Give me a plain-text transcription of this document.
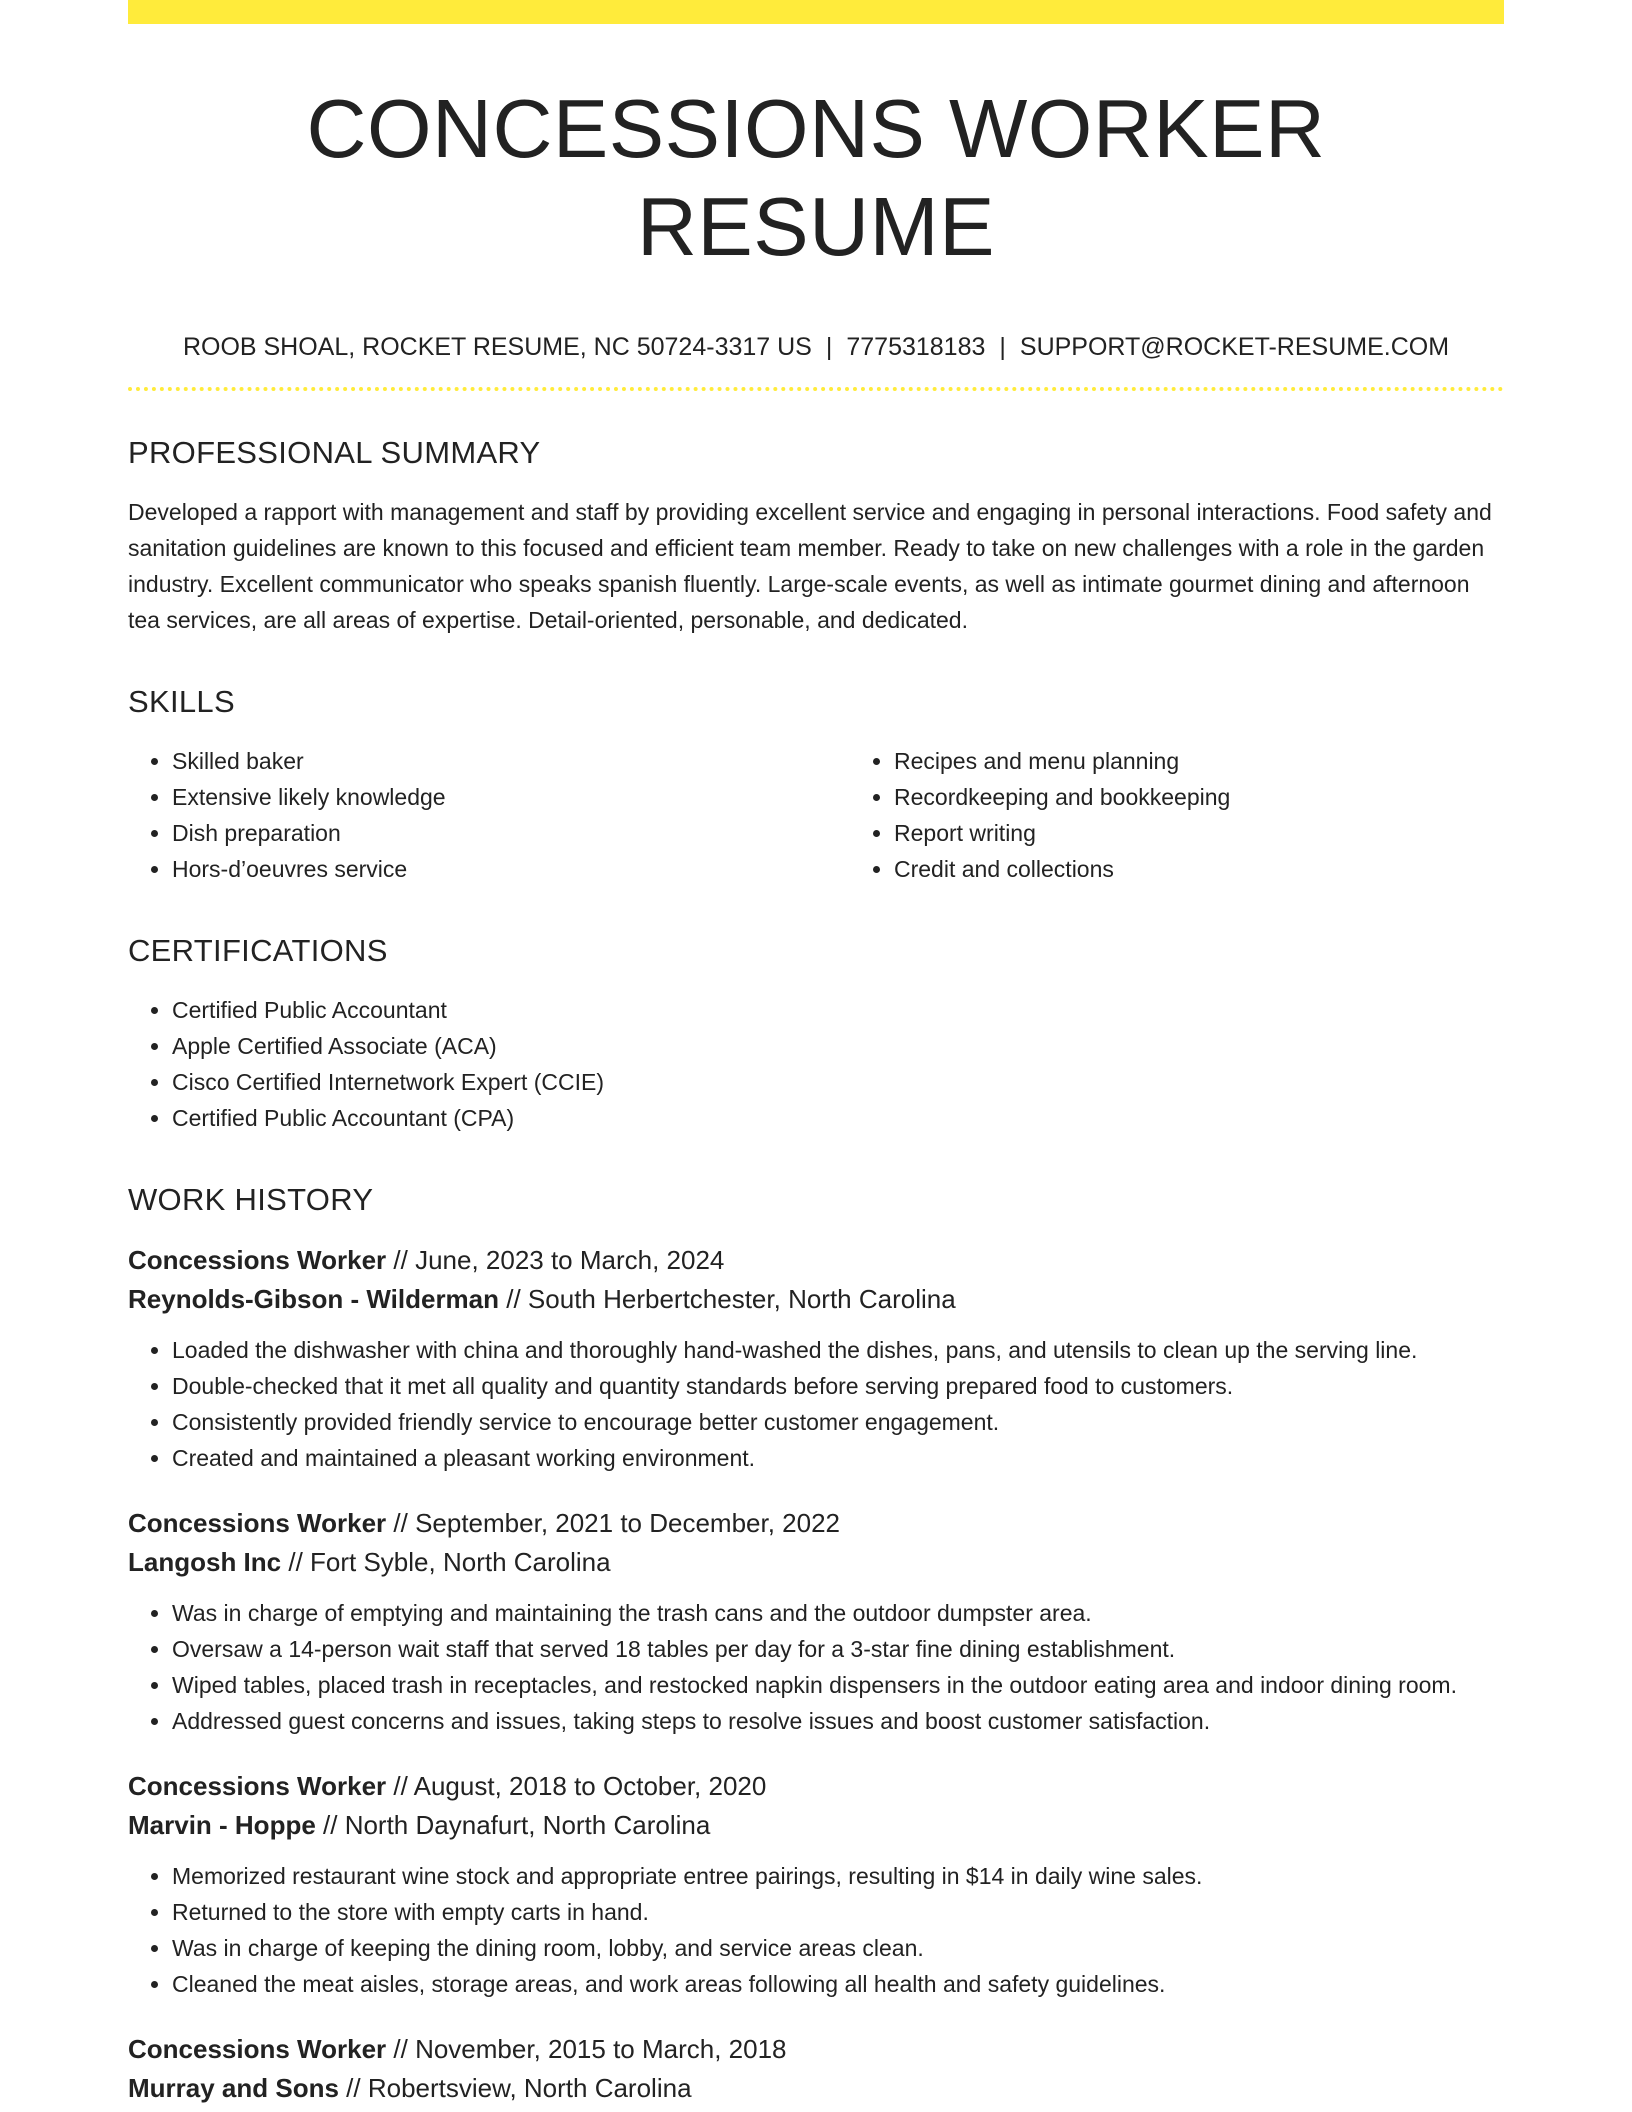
CONCESSIONS WORKER RESUME
ROOB SHOAL, ROCKET RESUME, NC 50724-3317 US | 7775318183 | SUPPORT@ROCKET-RESUME.COM
PROFESSIONAL SUMMARY
Developed a rapport with management and staff by providing excellent service and engaging in personal interactions. Food safety and sanitation guidelines are known to this focused and efficient team member. Ready to take on new challenges with a role in the garden industry. Excellent communicator who speaks spanish fluently. Large-scale events, as well as intimate gourmet dining and afternoon tea services, are all areas of expertise. Detail-oriented, personable, and dedicated.
SKILLS
• Skilled baker
• Extensive likely knowledge
• Dish preparation
• Hors-d’oeuvres service
• Recipes and menu planning
• Recordkeeping and bookkeeping
• Report writing
• Credit and collections
CERTIFICATIONS
• Certified Public Accountant
• Apple Certified Associate (ACA)
• Cisco Certified Internetwork Expert (CCIE)
• Certified Public Accountant (CPA)
WORK HISTORY
Concessions Worker // June, 2023 to March, 2024
Reynolds-Gibson - Wilderman // South Herbertchester, North Carolina
• Loaded the dishwasher with china and thoroughly hand-washed the dishes, pans, and utensils to clean up the serving line.
• Double-checked that it met all quality and quantity standards before serving prepared food to customers.
• Consistently provided friendly service to encourage better customer engagement.
• Created and maintained a pleasant working environment.
Concessions Worker // September, 2021 to December, 2022
Langosh Inc // Fort Syble, North Carolina
• Was in charge of emptying and maintaining the trash cans and the outdoor dumpster area.
• Oversaw a 14-person wait staff that served 18 tables per day for a 3-star fine dining establishment.
• Wiped tables, placed trash in receptacles, and restocked napkin dispensers in the outdoor eating area and indoor dining room.
• Addressed guest concerns and issues, taking steps to resolve issues and boost customer satisfaction.
Concessions Worker // August, 2018 to October, 2020
Marvin - Hoppe // North Daynafurt, North Carolina
• Memorized restaurant wine stock and appropriate entree pairings, resulting in $14 in daily wine sales.
• Returned to the store with empty carts in hand.
• Was in charge of keeping the dining room, lobby, and service areas clean.
• Cleaned the meat aisles, storage areas, and work areas following all health and safety guidelines.
Concessions Worker // November, 2015 to March, 2018
Murray and Sons // Robertsview, North Carolina
